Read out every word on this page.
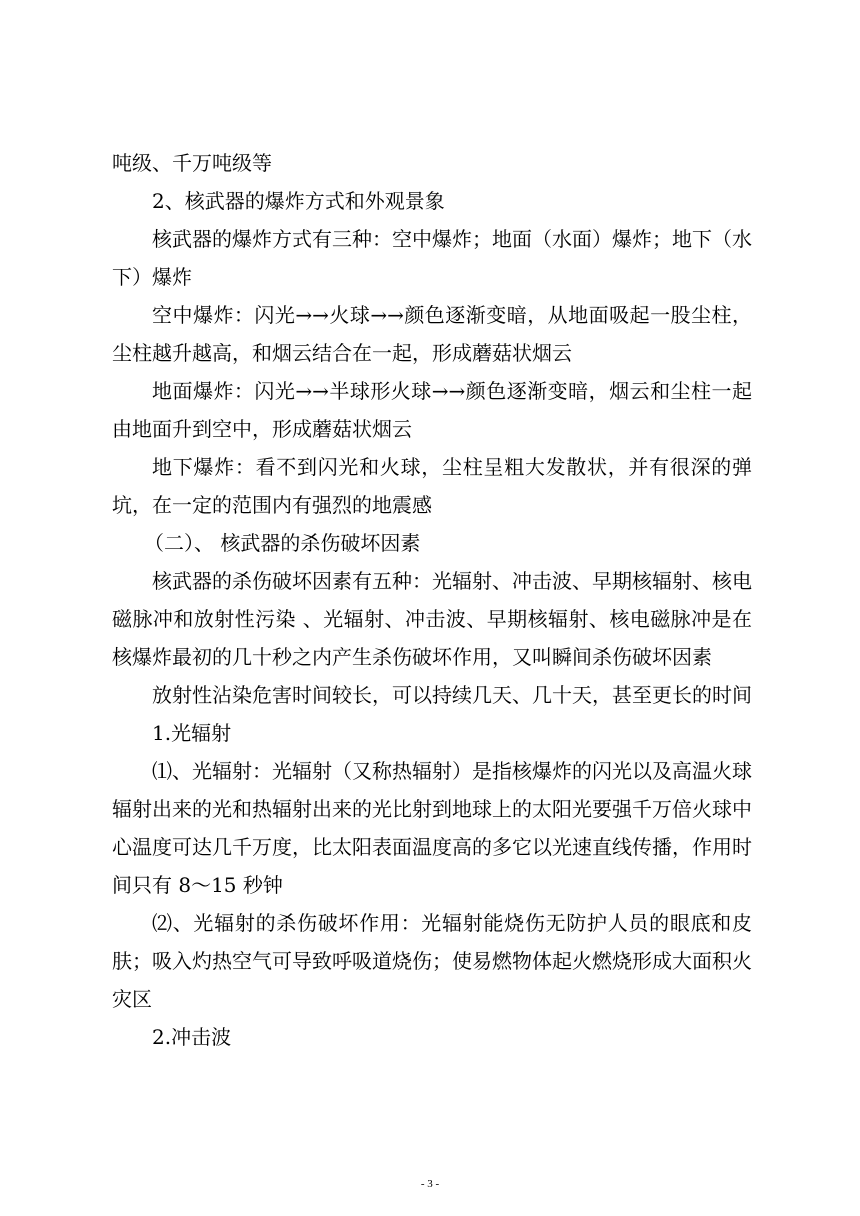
吨级、千万吨级等

2、核武器的爆炸方式和外观景象

核武器的爆炸方式有三种：空中爆炸；地面（水面）爆炸；地下（水下）爆炸

空中爆炸：闪光→→火球→→颜色逐渐变暗，从地面吸起一股尘柱，尘柱越升越高，和烟云结合在一起，形成蘑菇状烟云

地面爆炸：闪光→→半球形火球→→颜色逐渐变暗，烟云和尘柱一起由地面升到空中，形成蘑菇状烟云

地下爆炸：看不到闪光和火球，尘柱呈粗大发散状，并有很深的弹坑，在一定的范围内有强烈的地震感

（二）、 核武器的杀伤破坏因素

核武器的杀伤破坏因素有五种：光辐射、冲击波、早期核辐射、核电磁脉冲和放射性污染 、光辐射、冲击波、早期核辐射、核电磁脉冲是在核爆炸最初的几十秒之内产生杀伤破坏作用，又叫瞬间杀伤破坏因素

放射性沾染危害时间较长，可以持续几天、几十天，甚至更长的时间

1.光辐射

⑴、光辐射：光辐射（又称热辐射）是指核爆炸的闪光以及高温火球辐射出来的光和热辐射出来的光比射到地球上的太阳光要强千万倍火球中心温度可达几千万度，比太阳表面温度高的多它以光速直线传播，作用时间只有 8～15 秒钟

⑵、光辐射的杀伤破坏作用：光辐射能烧伤无防护人员的眼底和皮肤；吸入灼热空气可导致呼吸道烧伤；使易燃物体起火燃烧形成大面积火灾区

2.冲击波

- 3 -
